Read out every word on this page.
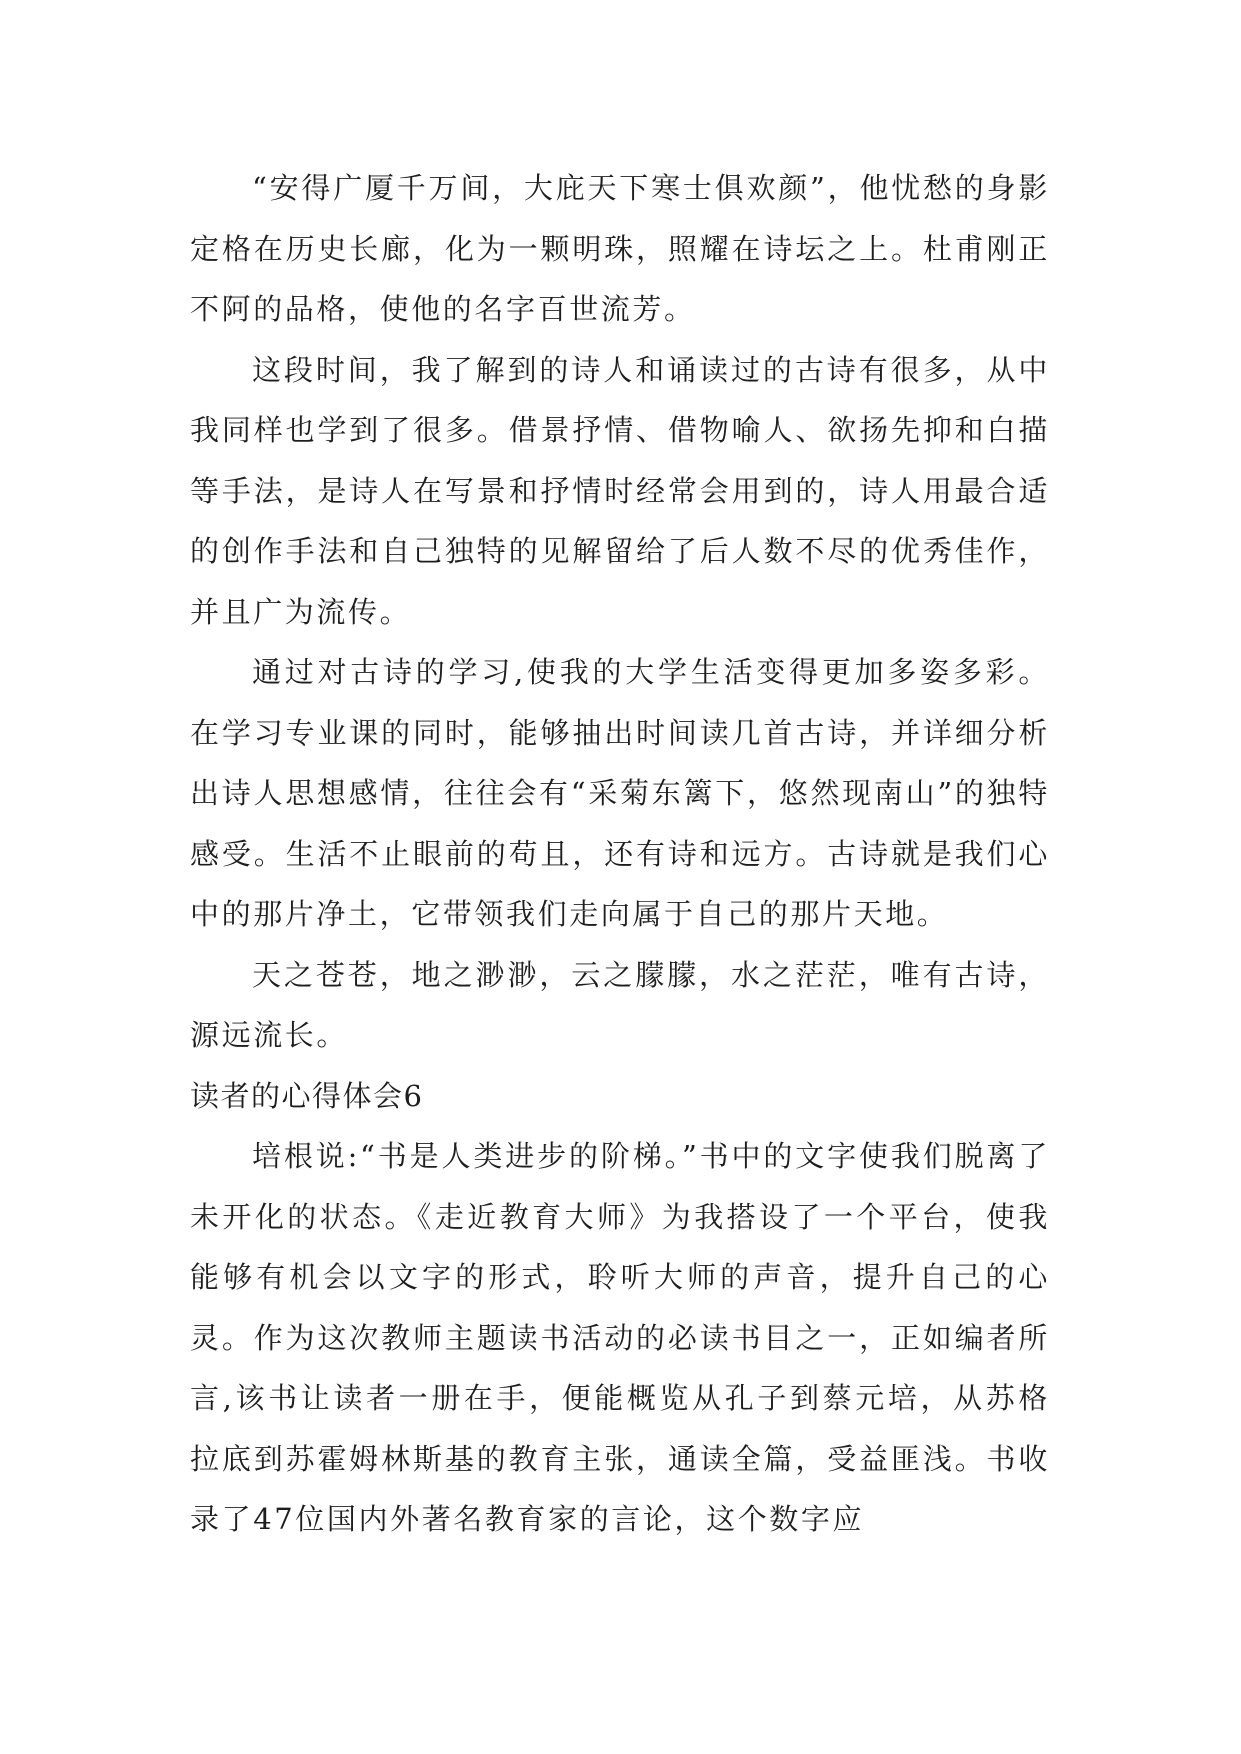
“安得广厦千万间，大庇天下寒士俱欢颜”，他忧愁的身影定格在历史长廊，化为一颗明珠，照耀在诗坛之上。杜甫刚正不阿的品格，使他的名字百世流芳。

这段时间，我了解到的诗人和诵读过的古诗有很多，从中我同样也学到了很多。借景抒情、借物喻人、欲扬先抑和白描等手法，是诗人在写景和抒情时经常会用到的，诗人用最合适的创作手法和自己独特的见解留给了后人数不尽的优秀佳作，并且广为流传。

通过对古诗的学习,使我的大学生活变得更加多姿多彩。在学习专业课的同时，能够抽出时间读几首古诗，并详细分析出诗人思想感情，往往会有“采菊东篱下，悠然现南山”的独特感受。生活不止眼前的苟且，还有诗和远方。古诗就是我们心中的那片净土，它带领我们走向属于自己的那片天地。

天之苍苍，地之渺渺，云之朦朦，水之茫茫，唯有古诗，源远流长。

读者的心得体会6

培根说:“书是人类进步的阶梯。”书中的文字使我们脱离了未开化的状态。《走近教育大师》为我搭设了一个平台，使我能够有机会以文字的形式，聆听大师的声音，提升自己的心灵。作为这次教师主题读书活动的必读书目之一，正如编者所言,该书让读者一册在手，便能概览从孔子到蔡元培，从苏格拉底到苏霍姆林斯基的教育主张，通读全篇，受益匪浅。书收录了47位国内外著名教育家的言论，这个数字应
